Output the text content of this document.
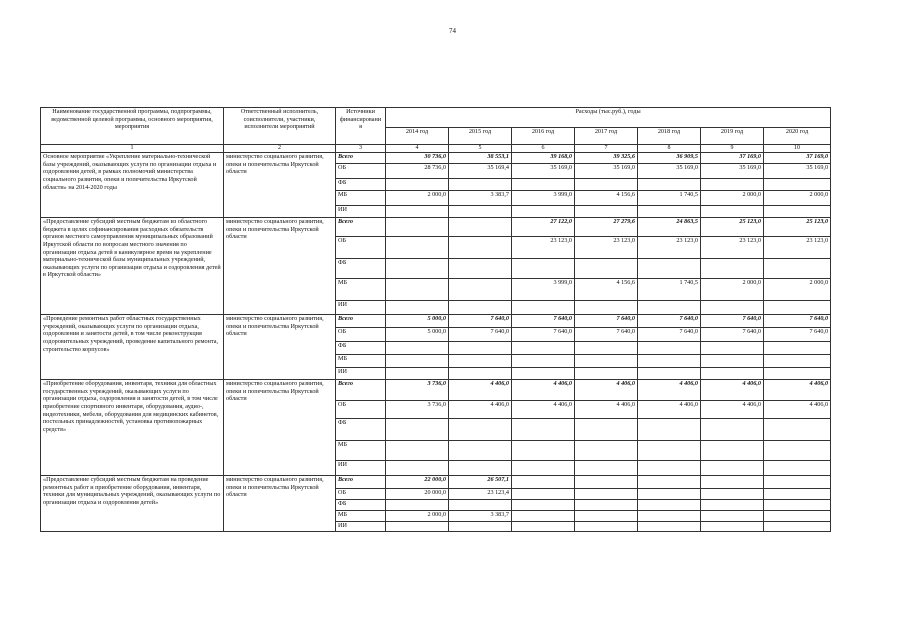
74
Наименование государственной программы, подпрограммы, ведомственной целевой программы, основного мероприятия, мероприятия	Ответственный исполнитель, соисполнители, участники, исполнители мероприятий	Источники финансировани я	Расходы (тыс.руб.), годы						
			2014 год	2015 год	2016 год	2017 год	2018 год	2019 год	2020 год
1	2	3	4	5	6	7	8	9	10
Основное мероприятие «Укрепление материально-технической базы учреждений, оказывающих услуги по организации отдыха и оздоровления детей, в рамках полномочий министерства социального развития, опеки и попечительства Иркутской области» на 2014-2020 годы	министерство социального развития, опеки и попечительства Иркутской области	Всего	30 736,0	38 553,1	39 168,0	39 325,6	36 909,5	37 169,0	37 169,0
		ОБ	28 736,0	35 169,4	35 169,0	35 169,0	35 169,0	35 169,0	35 169,0
		ФБ							
		МБ	2 000,0	3 383,7	3 999,0	4 156,6	1 740,5	2 000,0	2 000,0
		ИИ							
«Предоставление субсидий местным бюджетам из областного бюджета в целях софинансирования расходных обязательств органов местного самоуправления муниципальных образований Иркутской области по вопросам местного значения по организации отдыха детей в каникулярное время на укрепление материально-технической базы муниципальных учреждений, оказывающих услуги по организации отдыха и оздоровления детей в Иркутской области»	министерство социального развития, опеки и попечительства Иркутской области	Всего			27 122,0	27 279,6	24 863,5	25 123,0	25 123,0
		ОБ			23 123,0	23 123,0	23 123,0	23 123,0	23 123,0
		ФБ							
		МБ			3 999,0	4 156,6	1 740,5	2 000,0	2 000,0
		ИИ							
«Проведение ремонтных работ областных государственных учреждений, оказывающих услуги по организации отдыха, оздоровления и занятости детей, в том числе реконструкция оздоровительных учреждений, проведение капитального ремонта, строительство корпусов»	министерство социального развития, опеки и попечительства Иркутской области	Всего	5 000,0	7 640,0	7 640,0	7 640,0	7 640,0	7 640,0	7 640,0
		ОБ	5 000,0	7 640,0	7 640,0	7 640,0	7 640,0	7 640,0	7 640,0
		ФБ							
		МБ							
		ИИ							
«Приобретение оборудования, инвентаря, техники для областных государственных учреждений, оказывающих услуги по организации отдыха, оздоровления и занятости детей, в том числе приобретение спортивного инвентаря, оборудования, аудио-, видеотехники, мебели, оборудования для медицинских кабинетов, постельных принадлежностей, установка противопожарных средств»	министерство социального развития, опеки и попечительства Иркутской области	Всего	3 736,0	4 406,0	4 406,0	4 406,0	4 406,0	4 406,0	4 406,0
		ОБ	3 736,0	4 406,0	4 406,0	4 406,0	4 406,0	4 406,0	4 406,0
		ФБ							
		МБ							
		ИИ							
«Предоставление субсидий местным бюджетам на проведение ремонтных работ и приобретение оборудования, инвентаря, техники для муниципальных учреждений, оказывающих услуги по организации отдыха и оздоровления детей»	министерство социального развития, опеки и попечительства Иркутской области	Всего	22 000,0	26 507,1					
		ОБ	20 000,0	23 123,4					
		ФБ							
		МБ	2 000,0	3 383,7					
		ИИ							
